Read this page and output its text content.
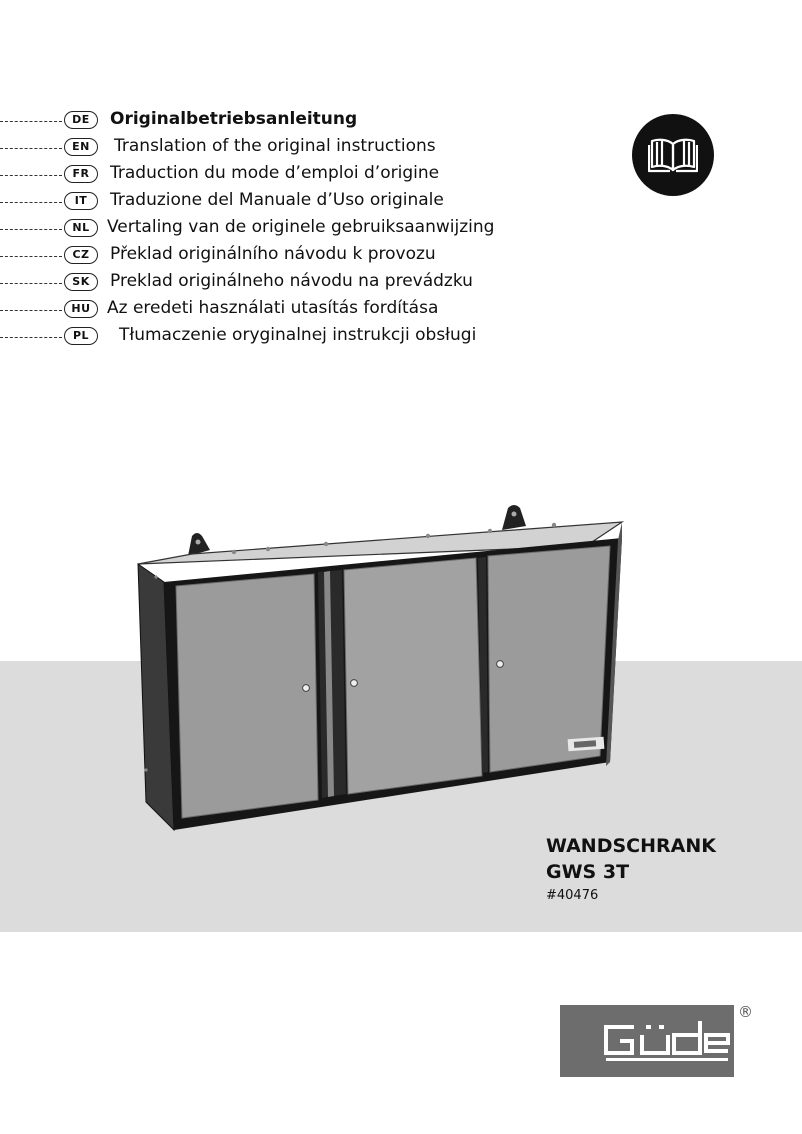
DE	Originalbetriebsanleitung
EN	Translation of the original instructions
FR	Traduction du mode d’emploi d’origine
IT	Traduzione del Manuale d’Uso originale
NL	Vertaling van de originele gebruiksaanwijzing
CZ	Překlad originálního návodu k provozu
SK	Preklad originálneho návodu na prevádzku
HU Az eredeti használati utasítás fordítása
PL	Tłumaczenie oryginalnej instrukcji obsługi
WANDSCHRANK
GWS 3T
#40476
®
